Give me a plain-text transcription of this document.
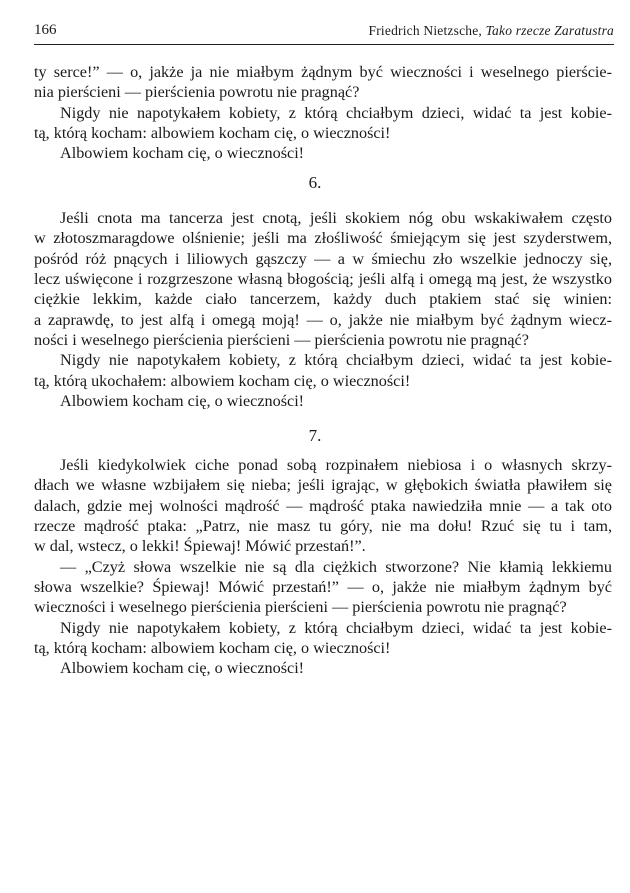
166	Friedrich Nietzsche, Tako rzecze Zaratustra
ty serce!” — o, jakże ja nie miałbym żądnym być wieczności i weselnego pierście-
nia pierścieni — pierścienia powrotu nie pragnąć?
Nigdy nie napotykałem kobiety, z którą chciałbym dzieci, widać ta jest kobie-
tą, którą kocham: albowiem kocham cię, o wieczności!
Albowiem kocham cię, o wieczności!
6.
Jeśli cnota ma tancerza jest cnotą, jeśli skokiem nóg obu wskakiwałem często
w złotoszmaragdowe olśnienie; jeśli ma złośliwość śmiejącym się jest szyderstwem,
pośród róż pnących i liliowych gąszczy — a w śmiechu zło wszelkie jednoczy się,
lecz uświęcone i rozgrzeszone własną błogością; jeśli alfą i omegą mą jest, że wszystko
ciężkie lekkim, każde ciało tancerzem, każdy duch ptakiem stać się winien:
a zaprawdę, to jest alfą i omegą moją! — o, jakże nie miałbym być żądnym wiecz-
ności i weselnego pierścienia pierścieni — pierścienia powrotu nie pragnąć?
Nigdy nie napotykałem kobiety, z którą chciałbym dzieci, widać ta jest kobie-
tą, którą ukochałem: albowiem kocham cię, o wieczności!
Albowiem kocham cię, o wieczności!
7.
Jeśli kiedykolwiek ciche ponad sobą rozpinałem niebiosa i o własnych skrzy-
dłach we własne wzbijałem się nieba; jeśli igrając, w głębokich światła pławiłem się
dalach, gdzie mej wolności mądrość — mądrość ptaka nawiedziła mnie — a tak oto
rzecze mądrość ptaka: „Patrz, nie masz tu góry, nie ma dołu! Rzuć się tu i tam,
w dal, wstecz, o lekki! Śpiewaj! Mówić przestań!”.
— „Czyż słowa wszelkie nie są dla ciężkich stworzone? Nie kłamią lekkiemu
słowa wszelkie? Śpiewaj! Mówić przestań!” — o, jakże nie miałbym żądnym być
wieczności i weselnego pierścienia pierścieni — pierścienia powrotu nie pragnąć?
Nigdy nie napotykałem kobiety, z którą chciałbym dzieci, widać ta jest kobie-
tą, którą kocham: albowiem kocham cię, o wieczności!
Albowiem kocham cię, o wieczności!
